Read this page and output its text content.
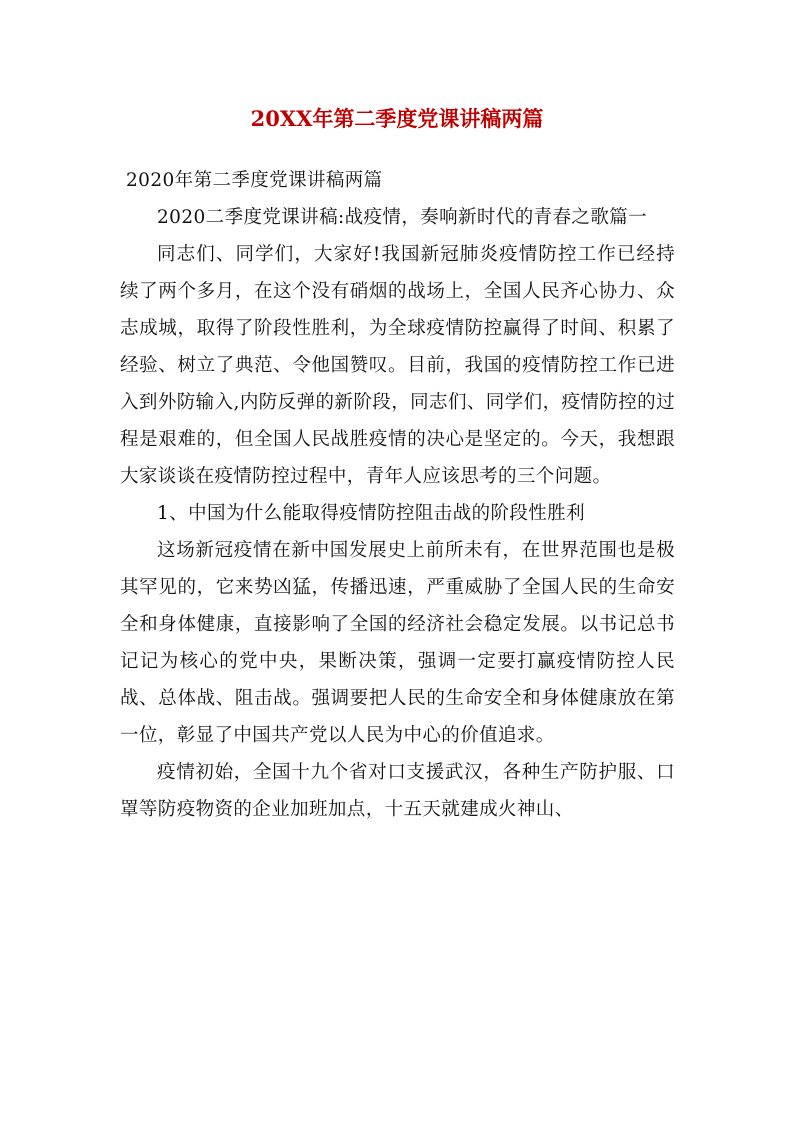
20XX年第二季度党课讲稿两篇

2020年第二季度党课讲稿两篇

2020二季度党课讲稿:战疫情，奏响新时代的青春之歌篇一

同志们、同学们，大家好!我国新冠肺炎疫情防控工作已经持续了两个多月，在这个没有硝烟的战场上，全国人民齐心协力、众志成城，取得了阶段性胜利，为全球疫情防控赢得了时间、积累了经验、树立了典范、令他国赞叹。目前，我国的疫情防控工作已进入到外防输入,内防反弹的新阶段，同志们、同学们，疫情防控的过程是艰难的，但全国人民战胜疫情的决心是坚定的。今天，我想跟大家谈谈在疫情防控过程中，青年人应该思考的三个问题。

1、中国为什么能取得疫情防控阻击战的阶段性胜利

这场新冠疫情在新中国发展史上前所未有，在世界范围也是极其罕见的，它来势凶猛，传播迅速，严重威胁了全国人民的生命安全和身体健康，直接影响了全国的经济社会稳定发展。以书记总书记记为核心的党中央，果断决策，强调一定要打赢疫情防控人民战、总体战、阻击战。强调要把人民的生命安全和身体健康放在第一位，彰显了中国共产党以人民为中心的价值追求。

疫情初始，全国十九个省对口支援武汉，各种生产防护服、口罩等防疫物资的企业加班加点，十五天就建成火神山、
